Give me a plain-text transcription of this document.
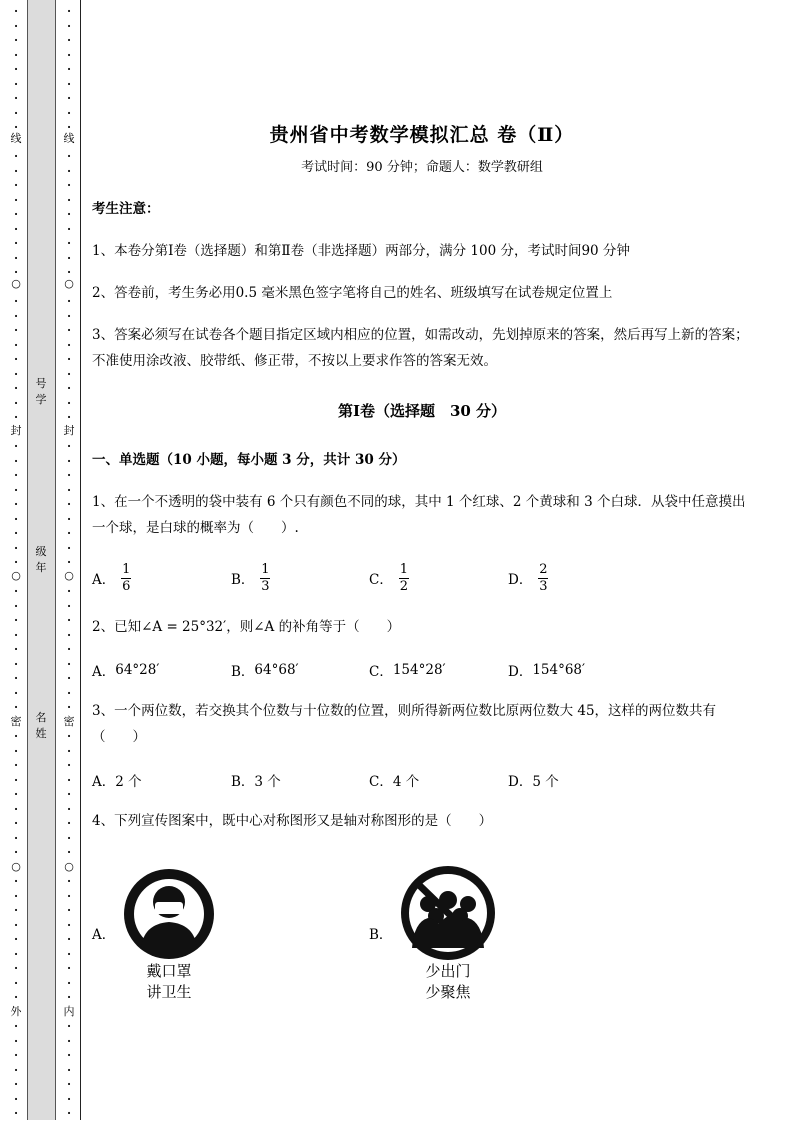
线
○
封
○
密
○
外
·
·
·
·
·
·
·
·
·
·
·
·
·
·
·
·
·
·
·
·
·
·
·
·
·
·
·
·
·
·
·
·
·
·
·
·
·
·
·
·
·
·
·
·
·
·
·
·
·
·
·
·
·
·
·
·
·
·
·
·
·
·
·
·
·
·
·
·
·
·
线
○
封
○
密
○
内
·
·
·
·
·
·
·
·
·
·
·
·
·
·
·
·
·
·
·
·
·
·
·
·
·
·
·
·
·
·
·
·
·
·
·
·
·
·
·
·
·
·
·
·
·
·
·
·
·
·
·
·
·
·
·
·
·
·
·
·
·
·
·
·
·
·
·
·
·
·
号学
级年
名姓
贵州省中考数学模拟汇总 卷（Ⅱ）
考试时间：90 分钟；命题人：数学教研组
考生注意：
1、本卷分第Ⅰ卷（选择题）和第Ⅱ卷（非选择题）两部分，满分 100 分，考试时间90 分钟
2、答卷前，考生务必用0.5 毫米黑色签字笔将自己的姓名、班级填写在试卷规定位置上
3、答案必须写在试卷各个题目指定区域内相应的位置，如需改动，先划掉原来的答案，然后再写上新的答案；不准使用涂改液、胶带纸、修正带，不按以上要求作答的答案无效。
第Ⅰ卷（选择题　30 分）
一、单选题（10 小题，每小题 3 分，共计 30 分）
1、在一个不透明的袋中装有 6 个只有颜色不同的球，其中 1 个红球、2 个黄球和 3 个白球．从袋中任意摸出一个球，是白球的概率为（　　）.
A． $\frac{1}{6}$	B． $\frac{1}{3}$	C． $\frac{1}{2}$	D． $\frac{2}{3}$
2、已知∠A = 25°32′，则∠A 的补角等于（　　）
A． 64°28′	B． 64°68′	C． 154°28′	D． 154°68′
3、一个两位数，若交换其个位数与十位数的位置，则所得新两位数比原两位数大 45，这样的两位数共有（　　）
A． 2 个	B． 3 个	C． 4 个	D． 5 个
4、下列宣传图案中，既中心对称图形又是轴对称图形的是（　　）
A．
戴口罩
讲卫生
B．
少出门
少聚焦
